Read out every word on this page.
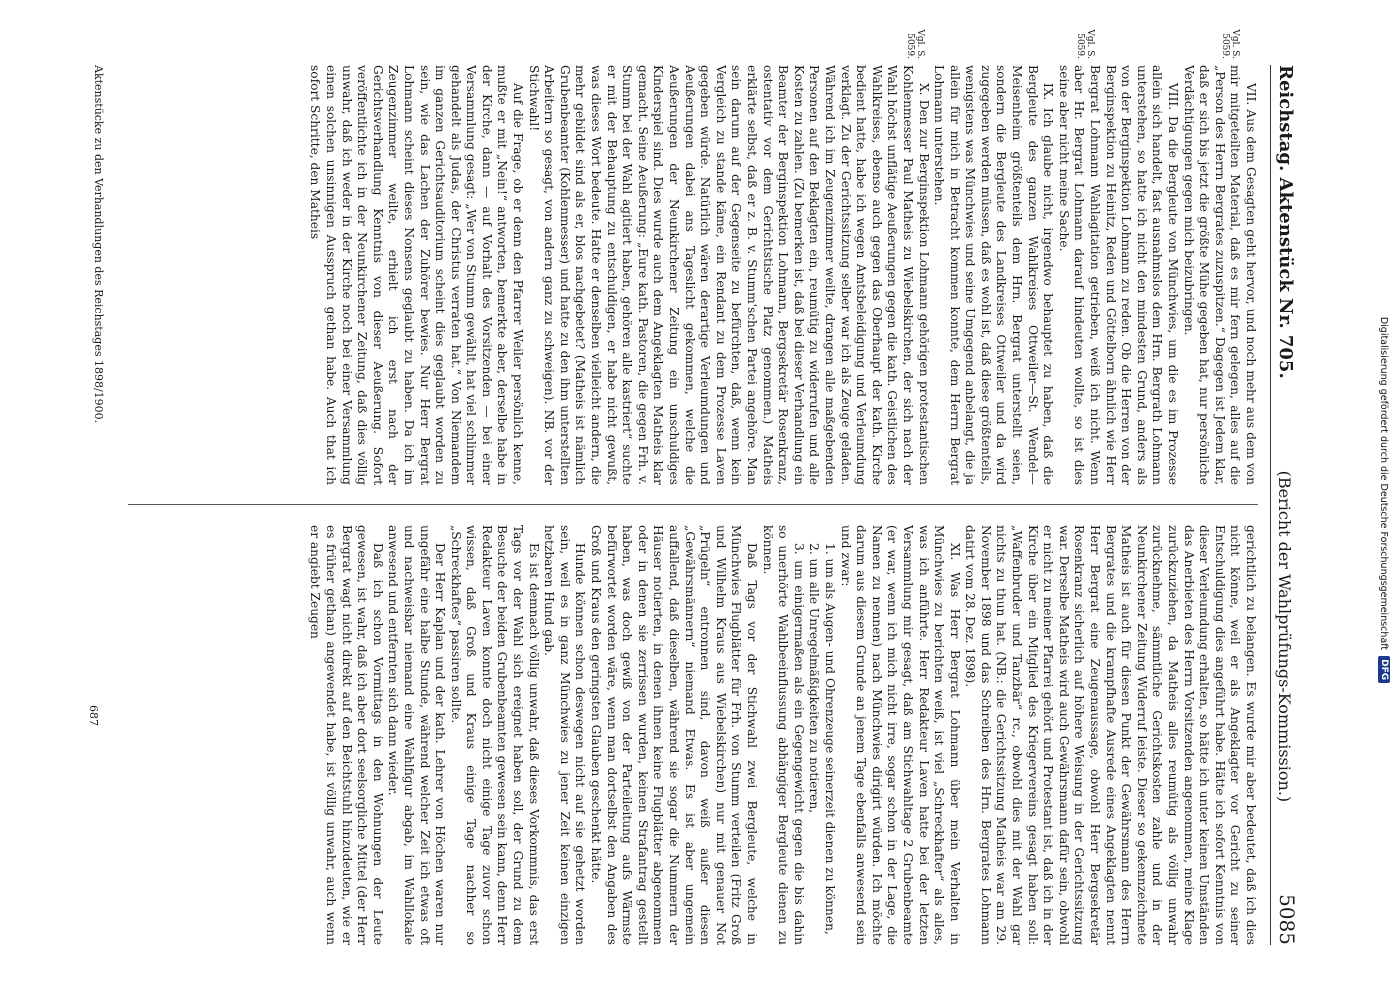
Reichstag. Aktenstück Nr. 705.
(Bericht der Wahlprüfungs-Kommission.)
5085
Vgl. S. 5059.
Vgl. S. 5059.
Vgl. S. 5059.

VII. Aus dem Gesagten geht hervor, und noch mehr aus dem von mir mitgeteilten Material, daß es mir fern gelegen, alles auf die „Person des Herrn Bergrates zuzuspitzen.“ Dagegen ist Jedem klar, daß er sich bis jetzt die größte Mühe gegeben hat, nur persönliche Verdächtigungen gegen mich beizubringen.

VIII. Da die Bergleute von Münchwies, um die es im Prozesse allein sich handelt, fast ausnahmslos dem Hrn. Bergrath Lohmann unterstehen, so hatte ich nicht den mindesten Grund, anders als von der Berginspektion Lohmann zu reden. Ob die Herren von der Berginspektion zu Heinitz, Reden und Göttelborn ähnlich wie Herr Bergrat Lohmann Wahlagitation getrieben, weiß ich nicht. Wenn aber Hr. Bergrat Lohmann darauf hindeuten wollte, so ist dies seine aber nicht meine Sache.

IX. Ich glaube nicht, irgendwo behauptet zu haben, daß die Bergleute des ganzen Wahlkreises Ottweiler—St. Wendel—Meisenheim größtenteils dem Hrn. Bergrat unterstellt seien, sondern die Bergleute des Landkreises Ottweiler und da wird zugegeben werden müssen, daß es wohl ist, daß diese größtenteils, wenigstens was Münchwies und seine Umgegend anbelangt, die ja allein für mich in Betracht kommen konnte, dem Herrn Bergrat Lohmann unterstehen.

X. Den zur Berginspektion Lohmann gehörigen protestantischen Kohlenmesser Paul Matheis zu Wiebelskirchen, der sich nach der Wahl höchst unflätige Aeußerungen gegen die kath. Geistlichen des Wahlkreises, ebenso auch gegen das Oberhaupt der kath. Kirche bedient hatte, habe ich wegen Amtsbeleidigung und Verleumdung verklagt. Zu der Gerichtssitzung selber war ich als Zeuge geladen. Während ich im Zeugenzimmer weilte, drangen alle maßgebenden Personen auf den Beklagten ein, reumütig zu widerrufen und alle Kosten zu zahlen. (Zu bemerken ist, daß bei dieser Verhandlung ein Beamter der Berginspektion Lohmann, Bergsekretär Rosenkranz, ostentativ vor dem Gerichtstische Platz genommen.) Matheis erklärte selbst, daß er z. B. v. Stumm'schen Partei angehöre. Man sein darum auf der Gegenseite zu befürchten, daß, wenn kein Vergleich zu stande käme, ein Rendant zu dem Prozesse Laven gegeben würde. Natürlich wären derartige Verleumdungen und Aeußerungen dabei ans Tageslicht gekommen, welche die Aeußerungen der Neunkirchener Zeitung ein unschuldiges Kinderspiel sind. Dies wurde auch dem Angeklagten Matheis klar gemacht. Seine Aeußerung: „Eure kath. Pastoren, die gegen Frh. v. Stumm bei der Wahl agitiert haben, gehören alle kastriert“ suchte er mit der Behauptung zu entschuldigen, er habe nicht gewußt, was dieses Wort bedeute. Hatte er denselben vielleicht andern, die mehr gebildet sind als er, blos nachgebetet? (Matheis ist nämlich Grubenbeamter (Kohlenmesser) und hatte zu den ihm unterstellten Arbeitern so gesagt, von andern ganz zu schweigen). NB. vor der Stichwahl!

Auf die Frage, ob er denn den Pfarrer Weiler persönlich kenne, mußte er mit „Nein!“ antworten, bemerkte aber, derselbe habe in der Kirche, dann — auf Vorhalt des Vorsitzenden — bei einer Versammlung gesagt: „Wer von Stumm gewählt, hat viel schlimmer gehandelt als Judas, der Christus verraten hat.“ Von Niemandem im ganzen Gerichtsauditorium scheint dies geglaubt worden zu sein, wie das Lachen der Zuhörer bewies. Nur Herr Bergrat Lohmann scheint dieses Nonsens geglaubt zu haben. Da ich im Zeugenzimmer weilte, erhielt ich erst nach der Gerichtsverhandlung Kenntnis von dieser Aeußerung. Sofort veröffentlichte ich in der Neunkirchener Zeitung, daß dies völlig unwahr, daß ich weder in der Kirche noch bei einer Versammlung einen solchen unsinnigen Ausspruch gethan habe. Auch that ich sofort Schritte, den Matheis

gerichtlich zu belangen. Es wurde mir aber bedeutet, daß ich dies nicht könne, weil er als Angeklagter vor Gericht zu seiner Entschuldigung dies angeführt habe. Hätte ich sofort Kenntnis von dieser Verleumdung erhalten, so hätte ich unter keinen Umständen das Anerbieten des Herrn Vorsitzenden angenommen, meine Klage zurückzuziehen, da Matheis alles reumütig als völlig unwahr zurücknehme, sämmtliche Gerichtskosten zahle und in der Neunkirchener Zeitung Widerruf leiste. Dieser so gekennzeichnete Matheis ist auch für diesen Punkt der Gewährsmann des Herrn Bergrates und die krampfhafte Ausrede eines Angeklagten nennt Herr Bergrat eine Zeugenaussage, obwohl Herr Bergsekretär Rosenkranz sicherlich auf höhere Weisung in der Gerichtssitzung war. Derselbe Matheis wird auch Gewährsmann dafür sein, obwohl er nicht zu meiner Pfarrei gehört und Protestant ist, daß ich in der Kirche über ein Mitglied des Kriegervereins gesagt haben soll: „Waffenbruder und Tanzbär“ rc., obwohl dies mit der Wahl gar nichts zu thun hat. (NB.: die Gerichtssitzung Matheis war am 29. November 1898 und das Schreiben des Hrn. Bergrates Lohmann datirt vom 28. Dez. 1898).

XI. Was Herr Bergrat Lohmann über mein Verhalten in Münchwies zu berichten weiß, ist viel „Schreckhafter“ als alles, was ich anführte. Herr Redakteur Laven hatte bei der letzten Versammlung mir gesagt, daß am Stichwahltage 2 Grubenbeamte (er war, wenn ich mich nicht irre, sogar schon in der Lage, die Namen zu nennen) nach Münchwies dirigirt würden. Ich möchte darum aus diesem Grunde an jenem Tage ebenfalls anwesend sein und zwar:

1. um als Augen- und Ohrenzeuge seinerzeit dienen zu können,

2. um alle Unregelmäßigkeiten zu notieren,

3. um einigermaßen als ein Gegengewicht gegen die bis dahin so unerhörte Wahlbeeinflussung abhängiger Bergleute dienen zu können.

Daß Tags vor der Stichwahl zwei Bergleute, welche in Münchwies Flugblätter für Frh. von Stumm verteilen (Fritz Groß und Wilhelm Kraus aus Wiebelskirchen) nur mit genauer Not „Prügeln“ entronnen sind, davon weiß außer diesen „Gewährsmännern“ niemand Etwas. Es ist aber ungemein auffallend, daß dieselben, während sie sogar die Nummern der Häuser notierten, in denen ihnen keine Flugblätter abgenommen oder in denen sie zerrissen wurden, keinen Strafantrag gestellt haben, was doch gewiß von der Parteileitung aufs Wärmste befürwortet worden wäre, wenn man dortselbst den Angaben des Groß und Kraus den geringsten Glauben geschenkt hätte.

Hunde können schon deswegen nicht auf sie gehetzt worden sein, weil es in ganz Münchwies zu jener Zeit keinen einzigen hetzbaren Hund gab.

Es ist demnach völlig unwahr, daß dieses Vorkommnis, das erst Tags vor der Wahl sich ereignet haben soll, der Grund zu dem Besuche der beiden Grubenbeamten gewesen sein kann, denn Herr Redakteur Laven konnte doch nicht einige Tage zuvor schon wissen, daß Groß und Kraus einige Tage nachher so „Schreckhaftes“ passiren sollte.

Der Herr Kaplan und der kath. Lehrer von Höchen waren nur ungefähr eine halbe Stunde, während welcher Zeit ich etwas oft und nachweisbar niemand eine Wahlfigur abgab, im Wahllokale anwesend und entfernten sich dann wieder.

Daß ich schon Vormittags in den Wohnungen der Leute gewesen, ist wahr, daß ich aber dort seelsorgliche Mittel (der Herr Bergrat wagt nicht direkt auf den Beichtstuhl hinzudeuten, wie er es früher gethan) angewendet habe, ist völlig unwahr, auch wenn er angiebt Zeugen

Aktenstücke zu den Verhandlungen des Reichstages 1898/1900.
687
Digitalisierung gefördert durch die Deutsche Forschungsgemeinschaft
DFG
